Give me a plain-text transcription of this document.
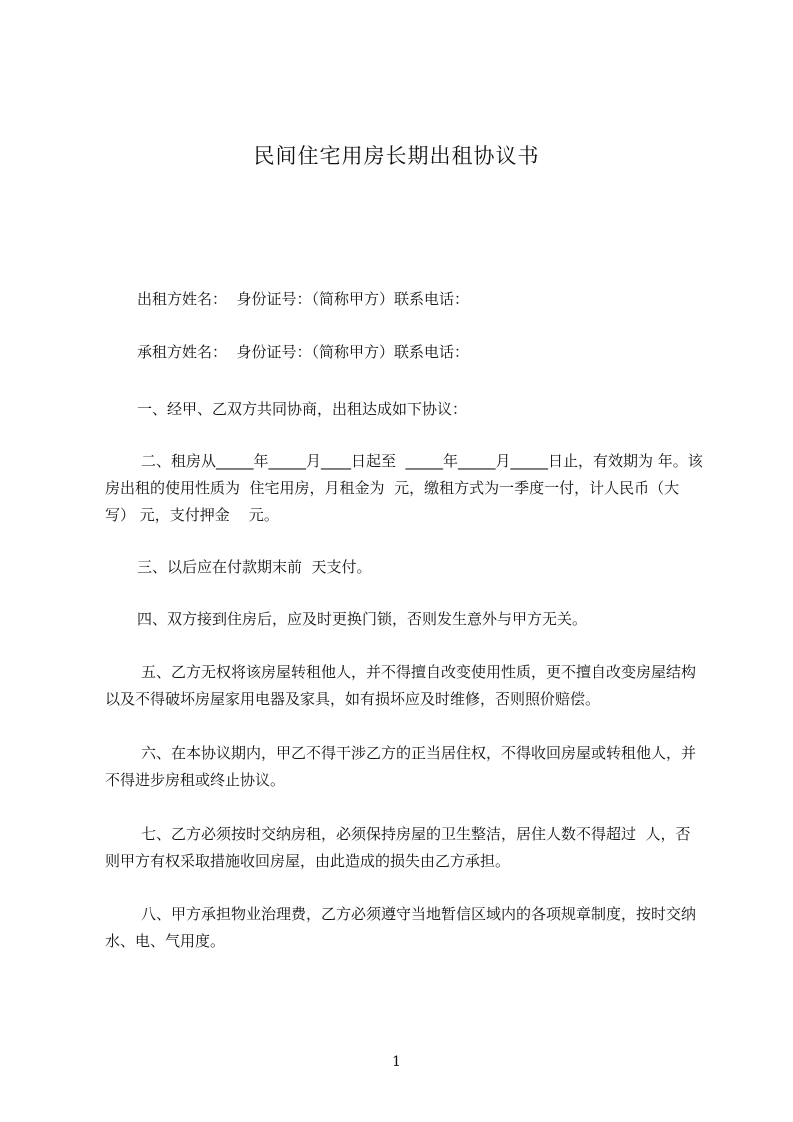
民间住宅用房长期出租协议书
出租方姓名：  身份证号：（简称甲方）联系电话：
承租方姓名：  身份证号：（简称甲方）联系电话：
一、经甲、乙双方共同协商，出租达成如下协议：
二、租房从_____年_____月____日起至  _____年_____月_____日止，有效期为 年。该房出租的使用性质为  住宅用房，月租金为  元，缴租方式为一季度一付，计人民币（大写） 元，支付押金    元。
三、以后应在付款期末前  天支付。
四、双方接到住房后，应及时更换门锁，否则发生意外与甲方无关。
五、乙方无权将该房屋转租他人，并不得擅自改变使用性质，更不擅自改变房屋结构以及不得破坏房屋家用电器及家具，如有损坏应及时维修，否则照价赔偿。
六、在本协议期内，甲乙不得干涉乙方的正当居住权，不得收回房屋或转租他人，并不得进步房租或终止协议。
七、乙方必须按时交纳房租，必须保持房屋的卫生整洁，居住人数不得超过  人，否则甲方有权采取措施收回房屋，由此造成的损失由乙方承担。
八、甲方承担物业治理费，乙方必须遵守当地暂信区域内的各项规章制度，按时交纳水、电、气用度。
1
